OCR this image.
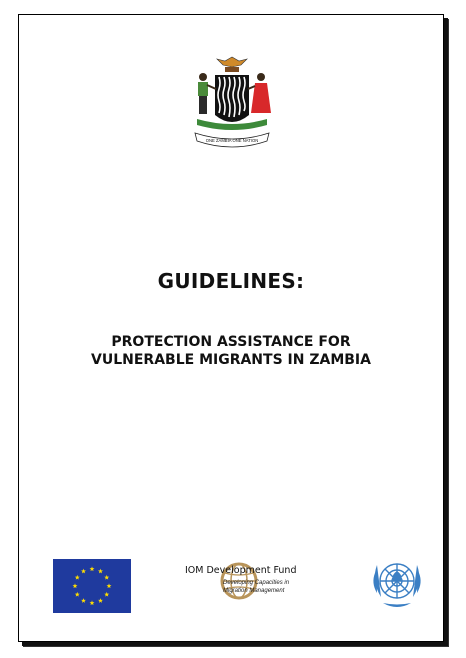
ONE ZAMBIA ONE NATION
GUIDELINES:
PROTECTION ASSISTANCE FOR
VULNERABLE MIGRANTS IN ZAMBIA
IOM Development Fund
Developing Capacities in
Migration Management
